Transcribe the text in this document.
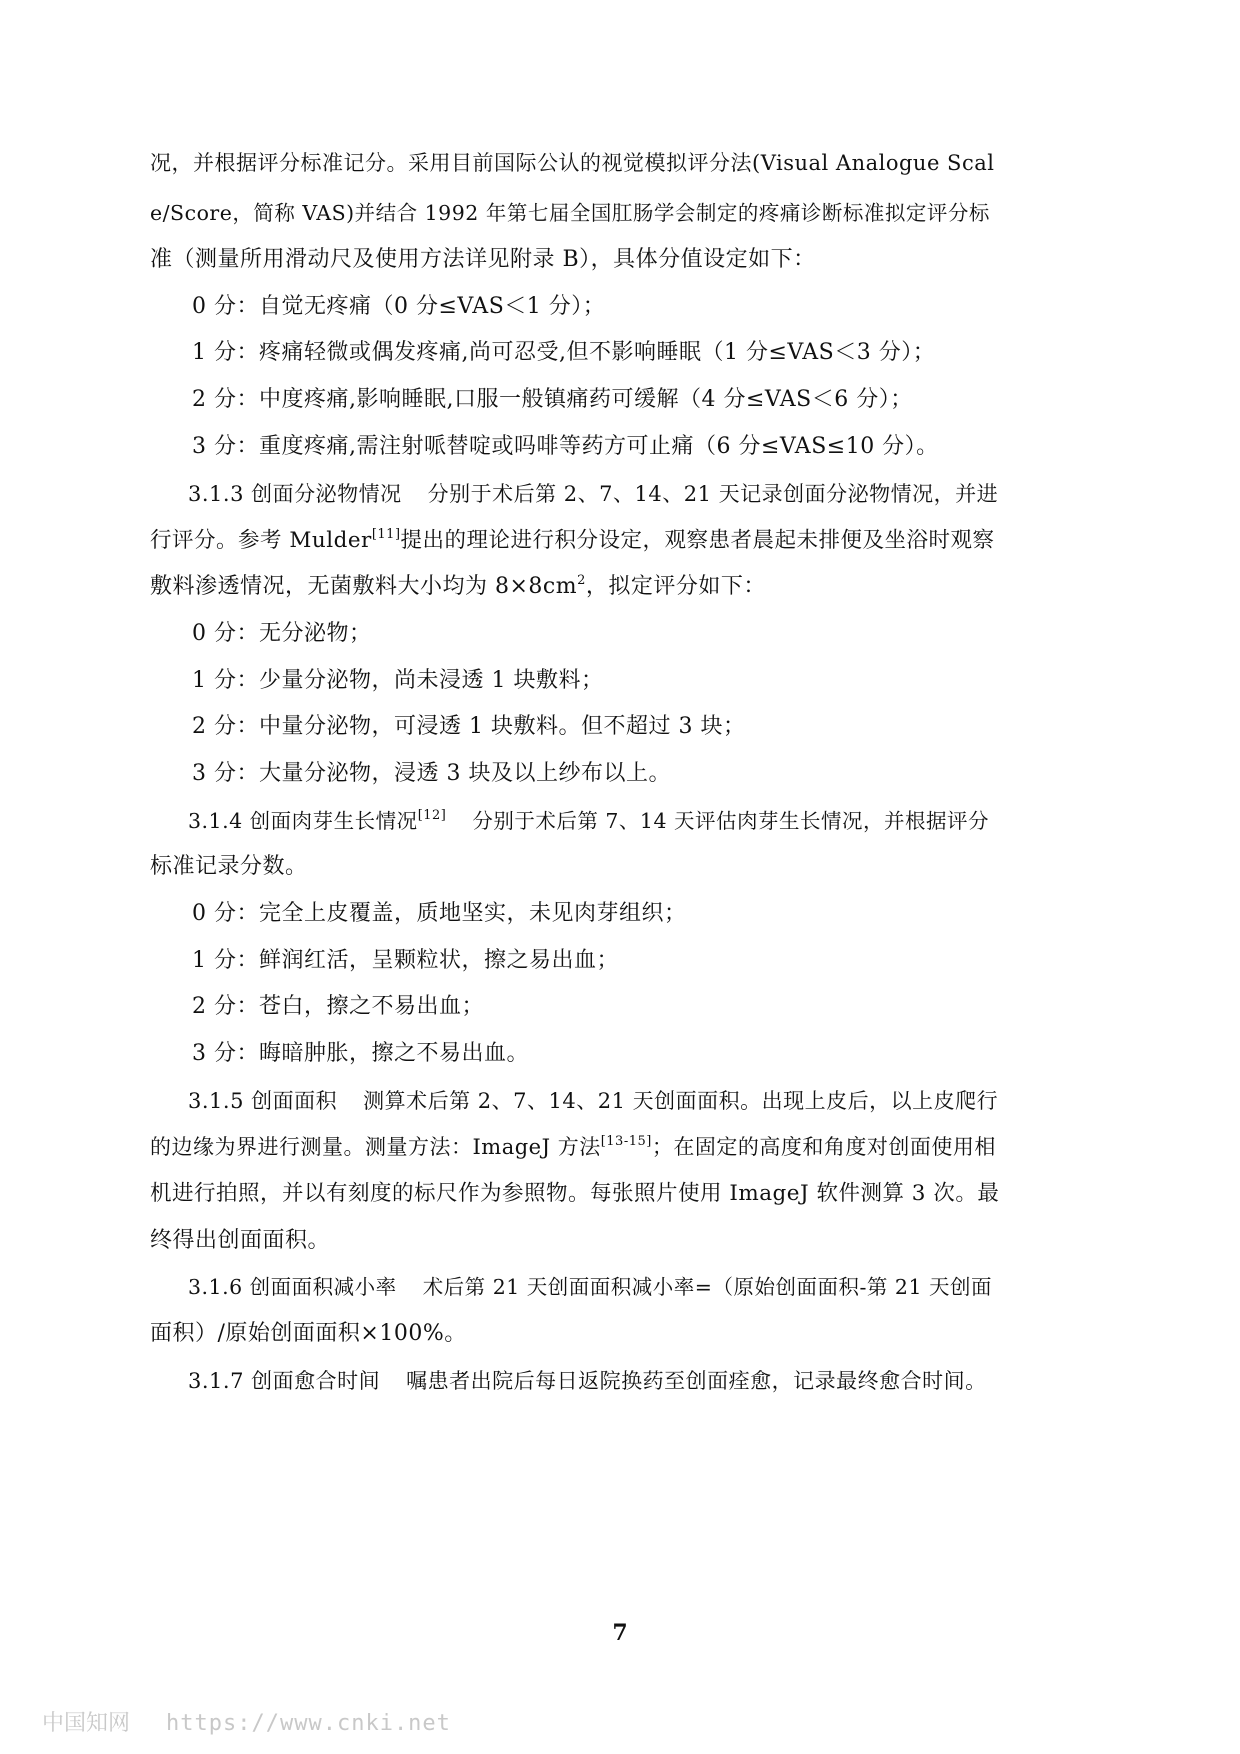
况，并根据评分标准记分。采用目前国际公认的视觉模拟评分法(Visual Analogue Scal
e/Score，简称 VAS)并结合 1992 年第七届全国肛肠学会制定的疼痛诊断标准拟定评分标
准（测量所用滑动尺及使用方法详见附录 B），具体分值设定如下：
0 分：自觉无疼痛（0 分≤VAS＜1 分）；
1 分：疼痛轻微或偶发疼痛,尚可忍受,但不影响睡眠（1 分≤VAS＜3 分）；
2 分：中度疼痛,影响睡眠,口服一般镇痛药可缓解（4 分≤VAS＜6 分）；
3 分：重度疼痛,需注射哌替啶或吗啡等药方可止痛（6 分≤VAS≤10 分）。
3.1.3 创面分泌物情况 分别于术后第 2、7、14、21 天记录创面分泌物情况，并进
行评分。参考 Mulder[11]提出的理论进行积分设定，观察患者晨起未排便及坐浴时观察
敷料渗透情况，无菌敷料大小均为 $8\times 8cm^2$，拟定评分如下：
0 分：无分泌物；
1 分：少量分泌物，尚未浸透 1 块敷料；
2 分：中量分泌物，可浸透 1 块敷料。但不超过 3 块；
3 分：大量分泌物，浸透 3 块及以上纱布以上。
3.1.4 创面肉芽生长情况[12] 分别于术后第 7、14 天评估肉芽生长情况，并根据评分
标准记录分数。
0 分：完全上皮覆盖，质地坚实，未见肉芽组织；
1 分：鲜润红活，呈颗粒状，擦之易出血；
2 分：苍白，擦之不易出血；
3 分：晦暗肿胀，擦之不易出血。
3.1.5 创面面积 测算术后第 2、7、14、21 天创面面积。出现上皮后，以上皮爬行
的边缘为界进行测量。测量方法：ImageJ 方法[13-15]；在固定的高度和角度对创面使用相
机进行拍照，并以有刻度的标尺作为参照物。每张照片使用 ImageJ 软件测算 3 次。最
终得出创面面积。
3.1.6 创面面积减小率 术后第 21 天创面面积减小率=（原始创面面积-第 21 天创面
面积）/原始创面面积×100%。
3.1.7 创面愈合时间 嘱患者出院后每日返院换药至创面痊愈，记录最终愈合时间。
7
中国知网 https://www.cnki.net
